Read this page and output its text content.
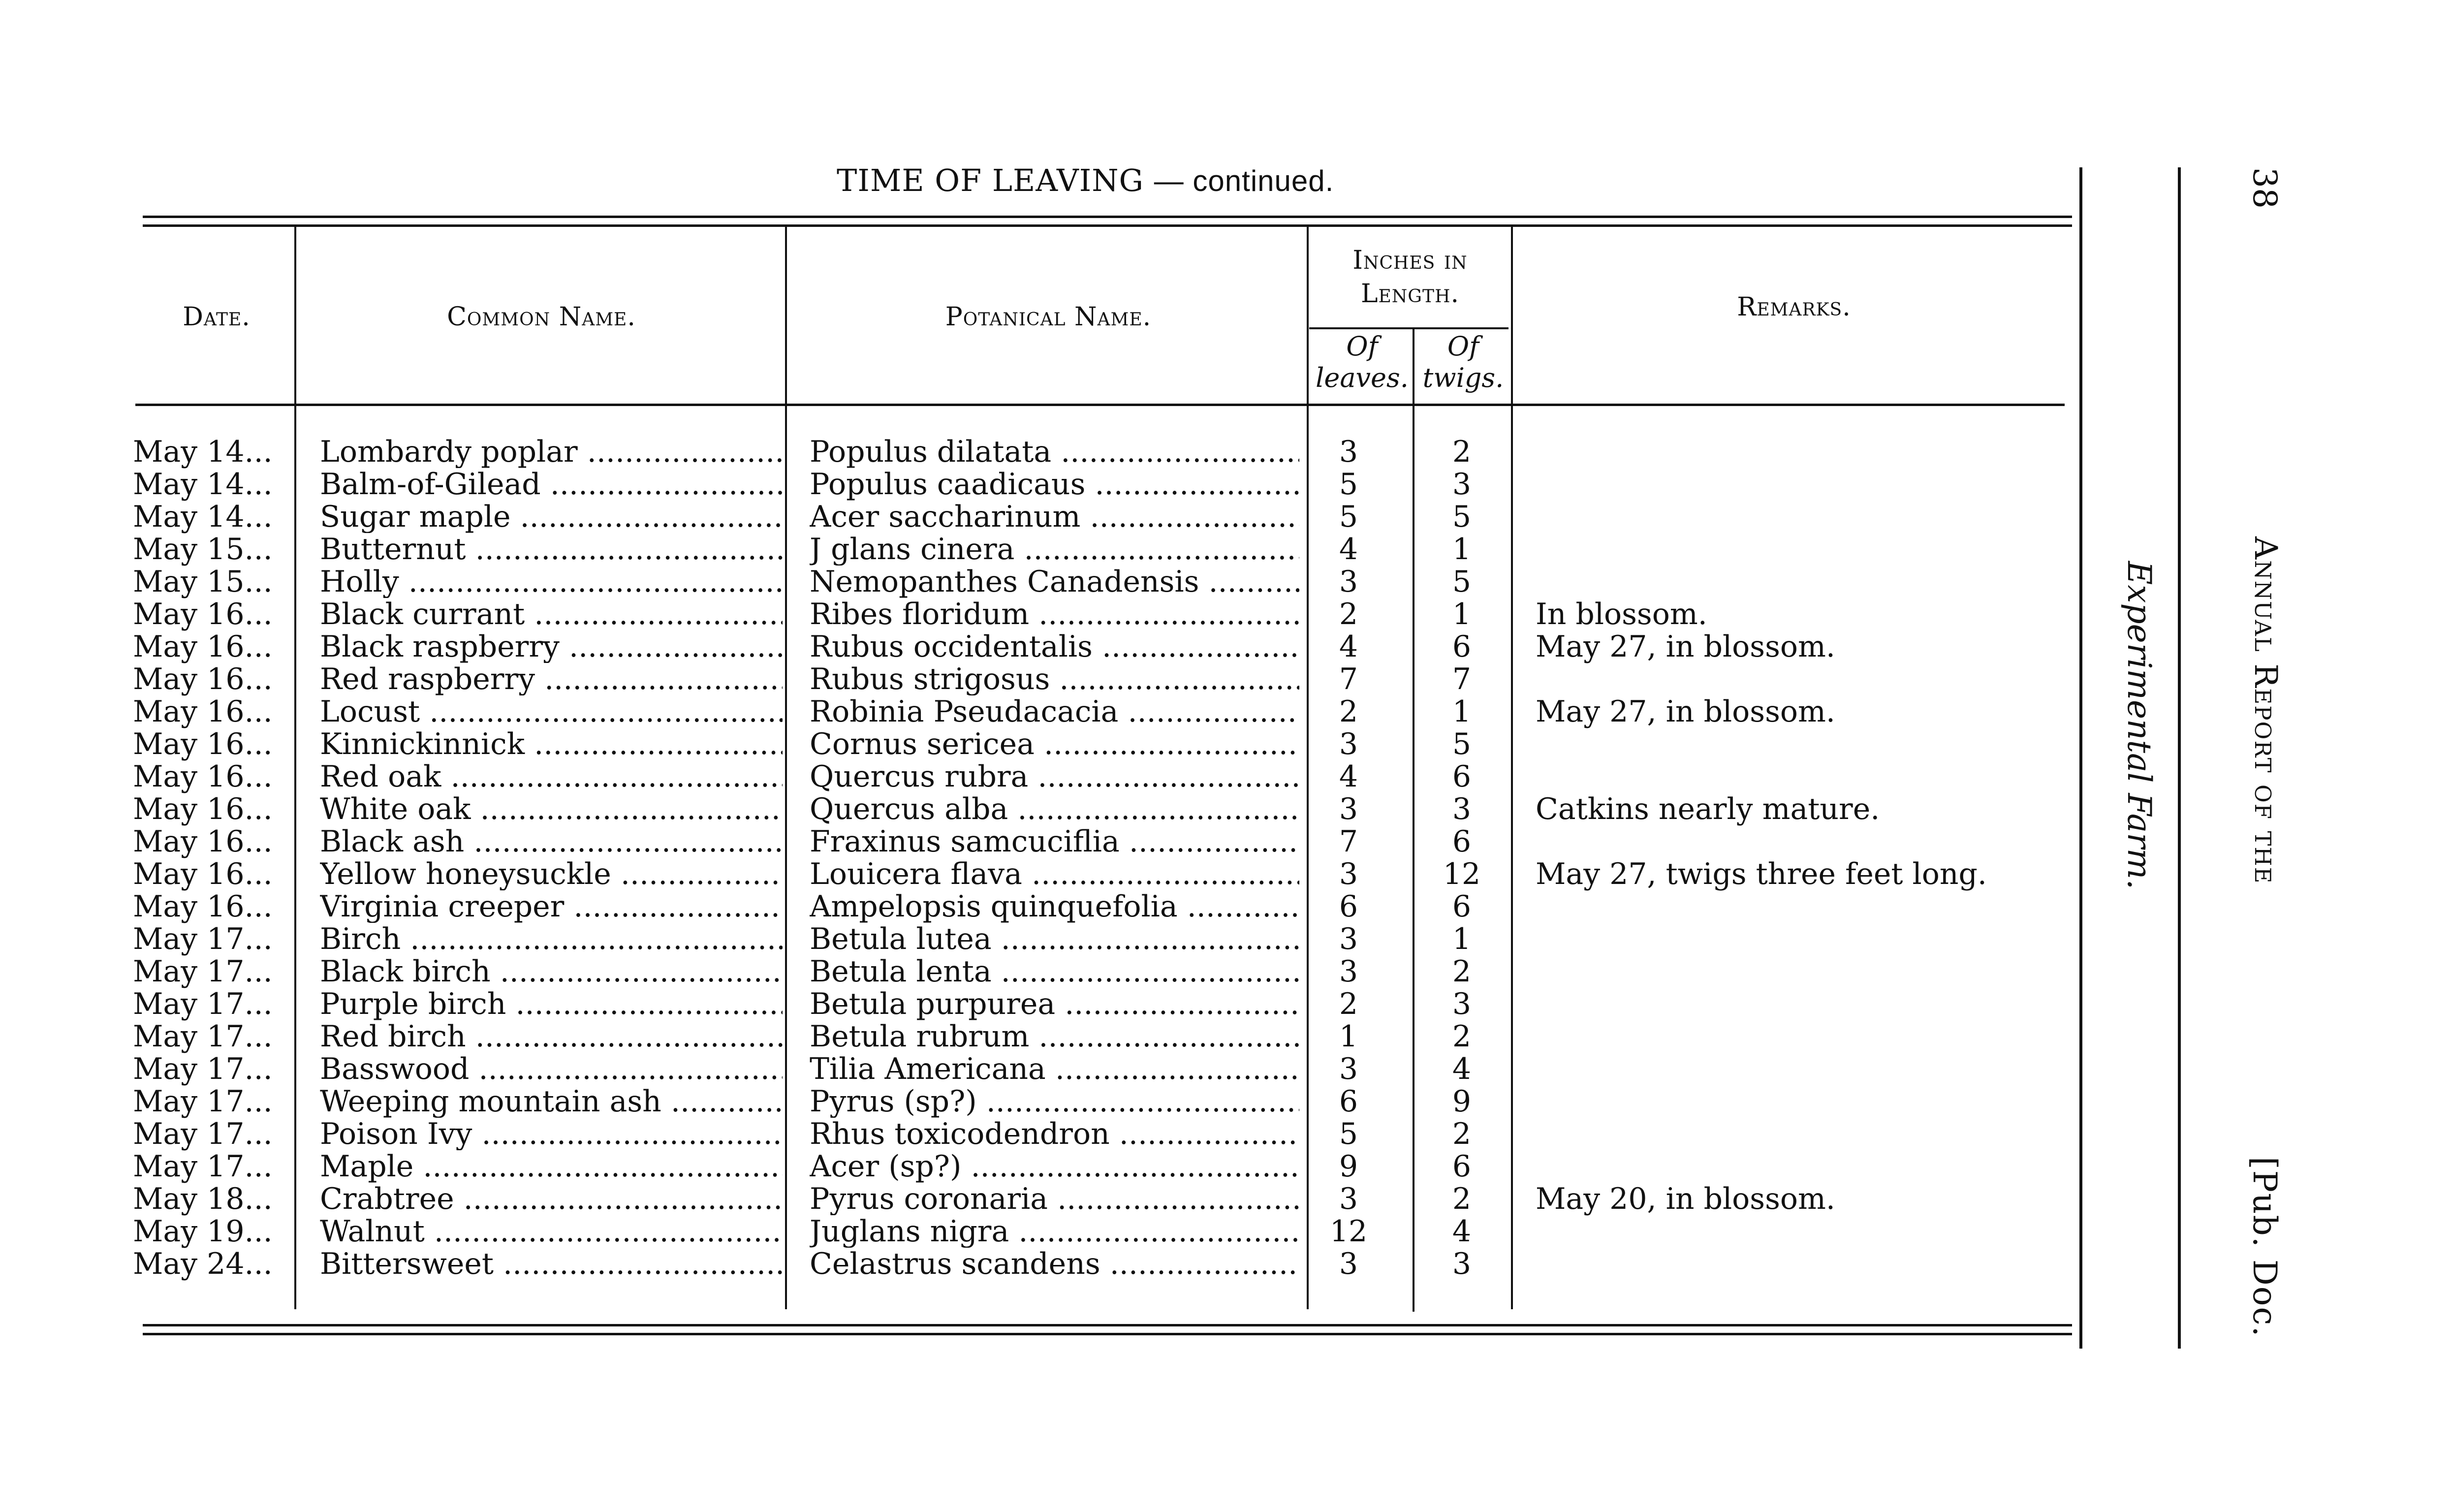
TIME OF LEAVING — continued.
Date.	Common Name.	Potanical Name.
Inches in Length.
Of leaves.
Of twigs.
Remarks.
May 14 ...	Lombardy poplar .....	Populus dilatata .....	3	2
May 14 ...	Balm-of-Gilead .....	Populus caadicaus .....	5	3
May 14 ...	Sugar maple .....	Acer saccharinum .....	5	5
May 15 ...	Butternut .....	J glans cinera .....	4	1
May 15 ...	Holly .....	Nemopanthes Canadensis .....	3	5
May 16 ...	Black currant .....	Ribes floridum .....	2	1	In blossom.
May 16 ...	Black raspberry .....	Rubus occidentalis .....	4	6	May 27, in blossom.
May 16 ...	Red raspberry .....	Rubus strigosus .....	7	7
May 16 ...	Locust .....	Robinia Pseudacacia .....	2	1	May 27, in blossom.
May 16 ...	Kinnickinnick .....	Cornus sericea .....	3	5
May 16 ...	Red oak .....	Quercus rubra .....	4	6
May 16 ...	White oak .....	Quercus alba .....	3	3	Catkins nearly mature.
May 16 ...	Black ash .....	Fraxinus samcuciflia .....	7	6
May 16 ...	Yellow honeysuckle .....	Louicera flava .....	3	12	May 27, twigs three feet long.
May 16 ...	Virginia creeper .....	Ampelopsis quinquefolia .....	6	6
May 17 ...	Birch .....	Betula lutea .....	3	1
May 17 ...	Black birch .....	Betula lenta .....	3	2
May 17 ...	Purple birch .....	Betula purpurea .....	2	3
May 17 ...	Red birch .....	Betula rubrum .....	1	2
May 17 ...	Basswood .....	Tilia Americana .....	3	4
May 17 ...	Weeping mountain ash .....	Pyrus (sp?) .....	6	9
May 17 ...	Poison Ivy .....	Rhus toxicodendron .....	5	2
May 17 ...	Maple .....	Acer (sp?) .....	9	6
May 18 ...	Crabtree .....	Pyrus coronaria .....	3	2	May 20, in blossom.
May 19 ...	Walnut .....	Juglans nigra .....	12	4
May 24 ...	Bittersweet .....	Celastrus scandens .....	3	3
Experimental Farm.
38
Annual Report of the
[Pub. Doc.
